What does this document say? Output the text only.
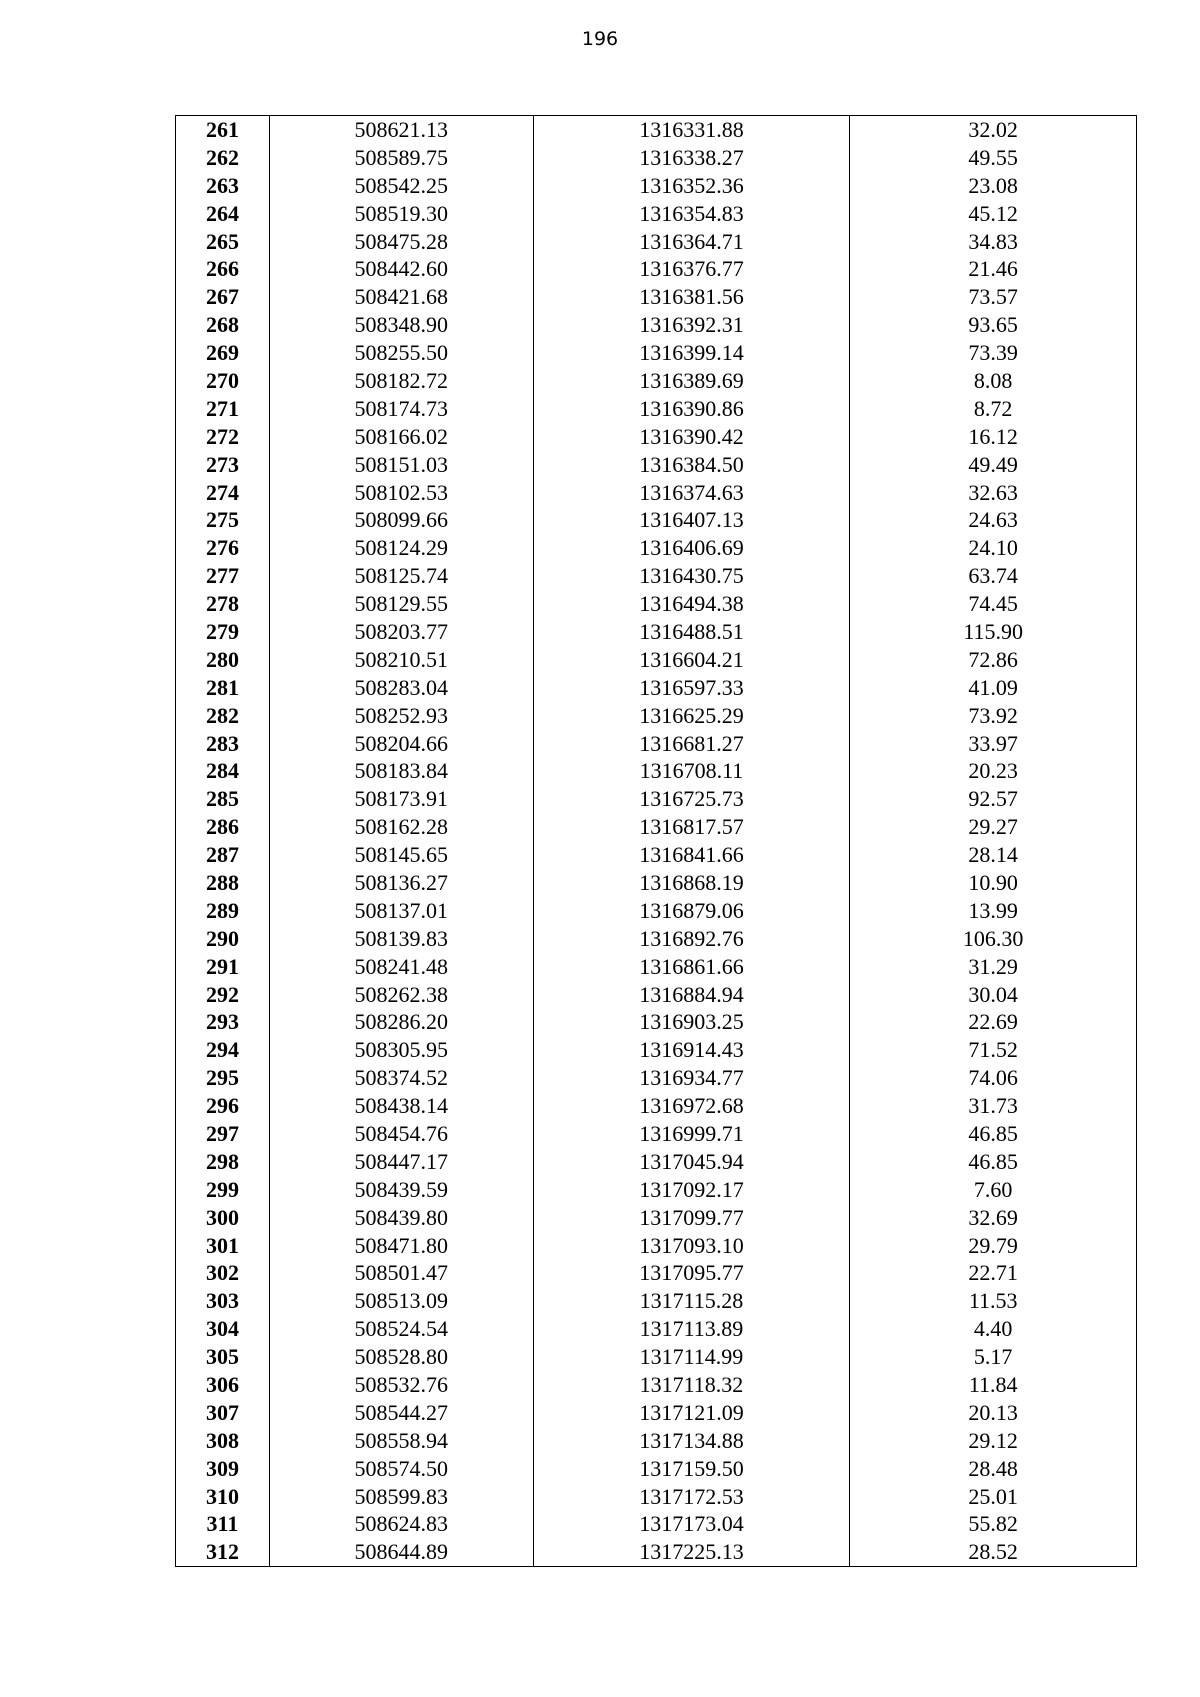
196
261	508621.13	1316331.88	32.02
262	508589.75	1316338.27	49.55
263	508542.25	1316352.36	23.08
264	508519.30	1316354.83	45.12
265	508475.28	1316364.71	34.83
266	508442.60	1316376.77	21.46
267	508421.68	1316381.56	73.57
268	508348.90	1316392.31	93.65
269	508255.50	1316399.14	73.39
270	508182.72	1316389.69	8.08
271	508174.73	1316390.86	8.72
272	508166.02	1316390.42	16.12
273	508151.03	1316384.50	49.49
274	508102.53	1316374.63	32.63
275	508099.66	1316407.13	24.63
276	508124.29	1316406.69	24.10
277	508125.74	1316430.75	63.74
278	508129.55	1316494.38	74.45
279	508203.77	1316488.51	115.90
280	508210.51	1316604.21	72.86
281	508283.04	1316597.33	41.09
282	508252.93	1316625.29	73.92
283	508204.66	1316681.27	33.97
284	508183.84	1316708.11	20.23
285	508173.91	1316725.73	92.57
286	508162.28	1316817.57	29.27
287	508145.65	1316841.66	28.14
288	508136.27	1316868.19	10.90
289	508137.01	1316879.06	13.99
290	508139.83	1316892.76	106.30
291	508241.48	1316861.66	31.29
292	508262.38	1316884.94	30.04
293	508286.20	1316903.25	22.69
294	508305.95	1316914.43	71.52
295	508374.52	1316934.77	74.06
296	508438.14	1316972.68	31.73
297	508454.76	1316999.71	46.85
298	508447.17	1317045.94	46.85
299	508439.59	1317092.17	7.60
300	508439.80	1317099.77	32.69
301	508471.80	1317093.10	29.79
302	508501.47	1317095.77	22.71
303	508513.09	1317115.28	11.53
304	508524.54	1317113.89	4.40
305	508528.80	1317114.99	5.17
306	508532.76	1317118.32	11.84
307	508544.27	1317121.09	20.13
308	508558.94	1317134.88	29.12
309	508574.50	1317159.50	28.48
310	508599.83	1317172.53	25.01
311	508624.83	1317173.04	55.82
312	508644.89	1317225.13	28.52
